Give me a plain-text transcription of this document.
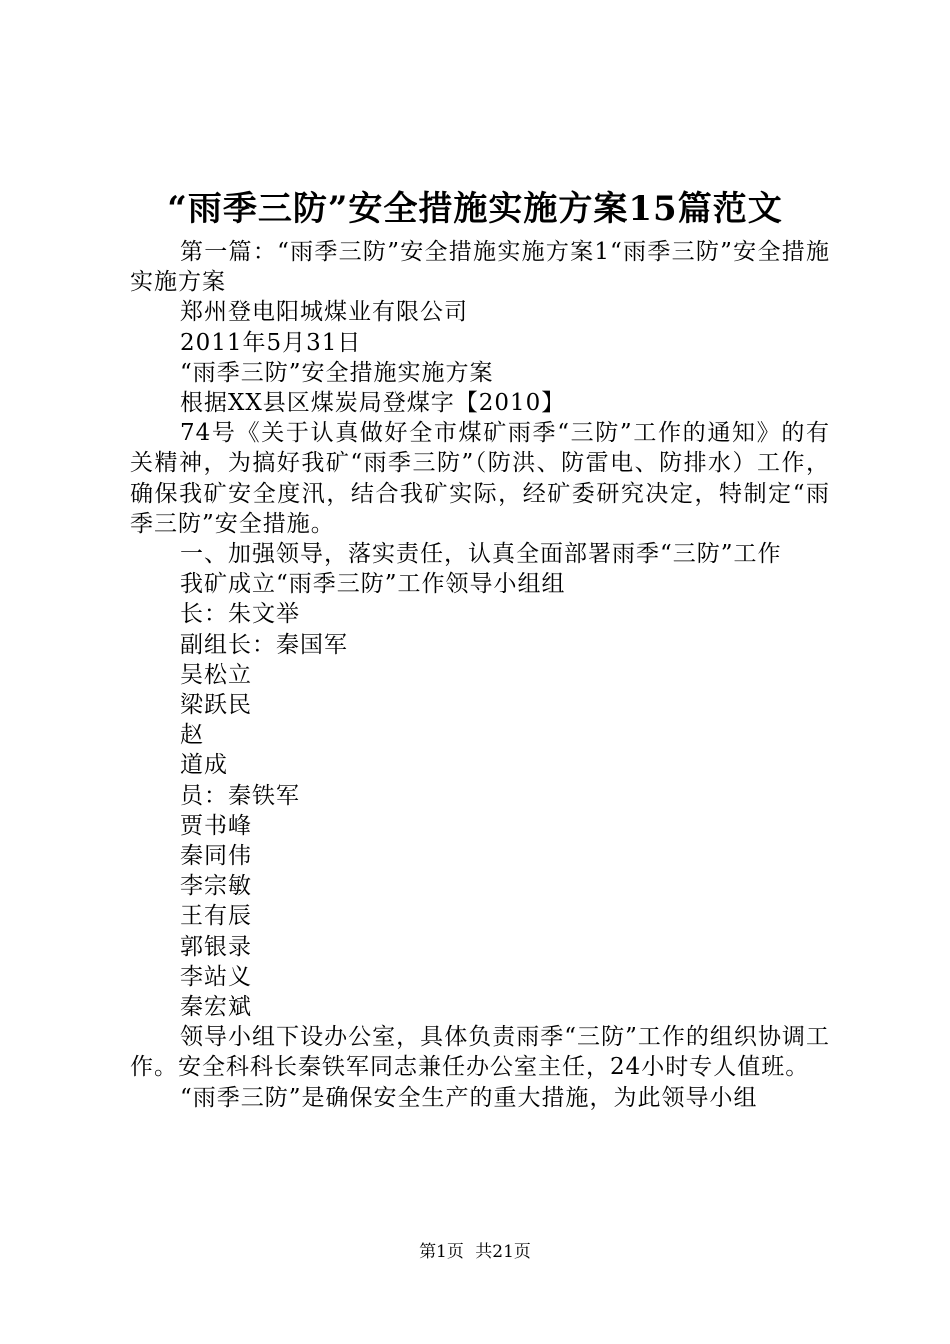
“雨季三防”安全措施实施方案15篇范文

第一篇：“雨季三防”安全措施实施方案1“雨季三防”安全措施实施方案

郑州登电阳城煤业有限公司

2011年5月31日

“雨季三防”安全措施实施方案

根据XX县区煤炭局登煤字【2010】

74号《关于认真做好全市煤矿雨季“三防”工作的通知》的有关精神，为搞好我矿“雨季三防”（防洪、防雷电、防排水）工作，确保我矿安全度汛，结合我矿实际，经矿委研究决定，特制定“雨季三防”安全措施。

一、加强领导，落实责任，认真全面部署雨季“三防”工作

我矿成立“雨季三防”工作领导小组组

长：朱文举

副组长：秦国军

吴松立

梁跃民

赵

道成

员：秦铁军

贾书峰

秦同伟

李宗敏

王有辰

郭银录

李站义

秦宏斌

领导小组下设办公室，具体负责雨季“三防”工作的组织协调工作。安全科科长秦铁军同志兼任办公室主任，24小时专人值班。

“雨季三防”是确保安全生产的重大措施，为此领导小组

第1页 共21页
